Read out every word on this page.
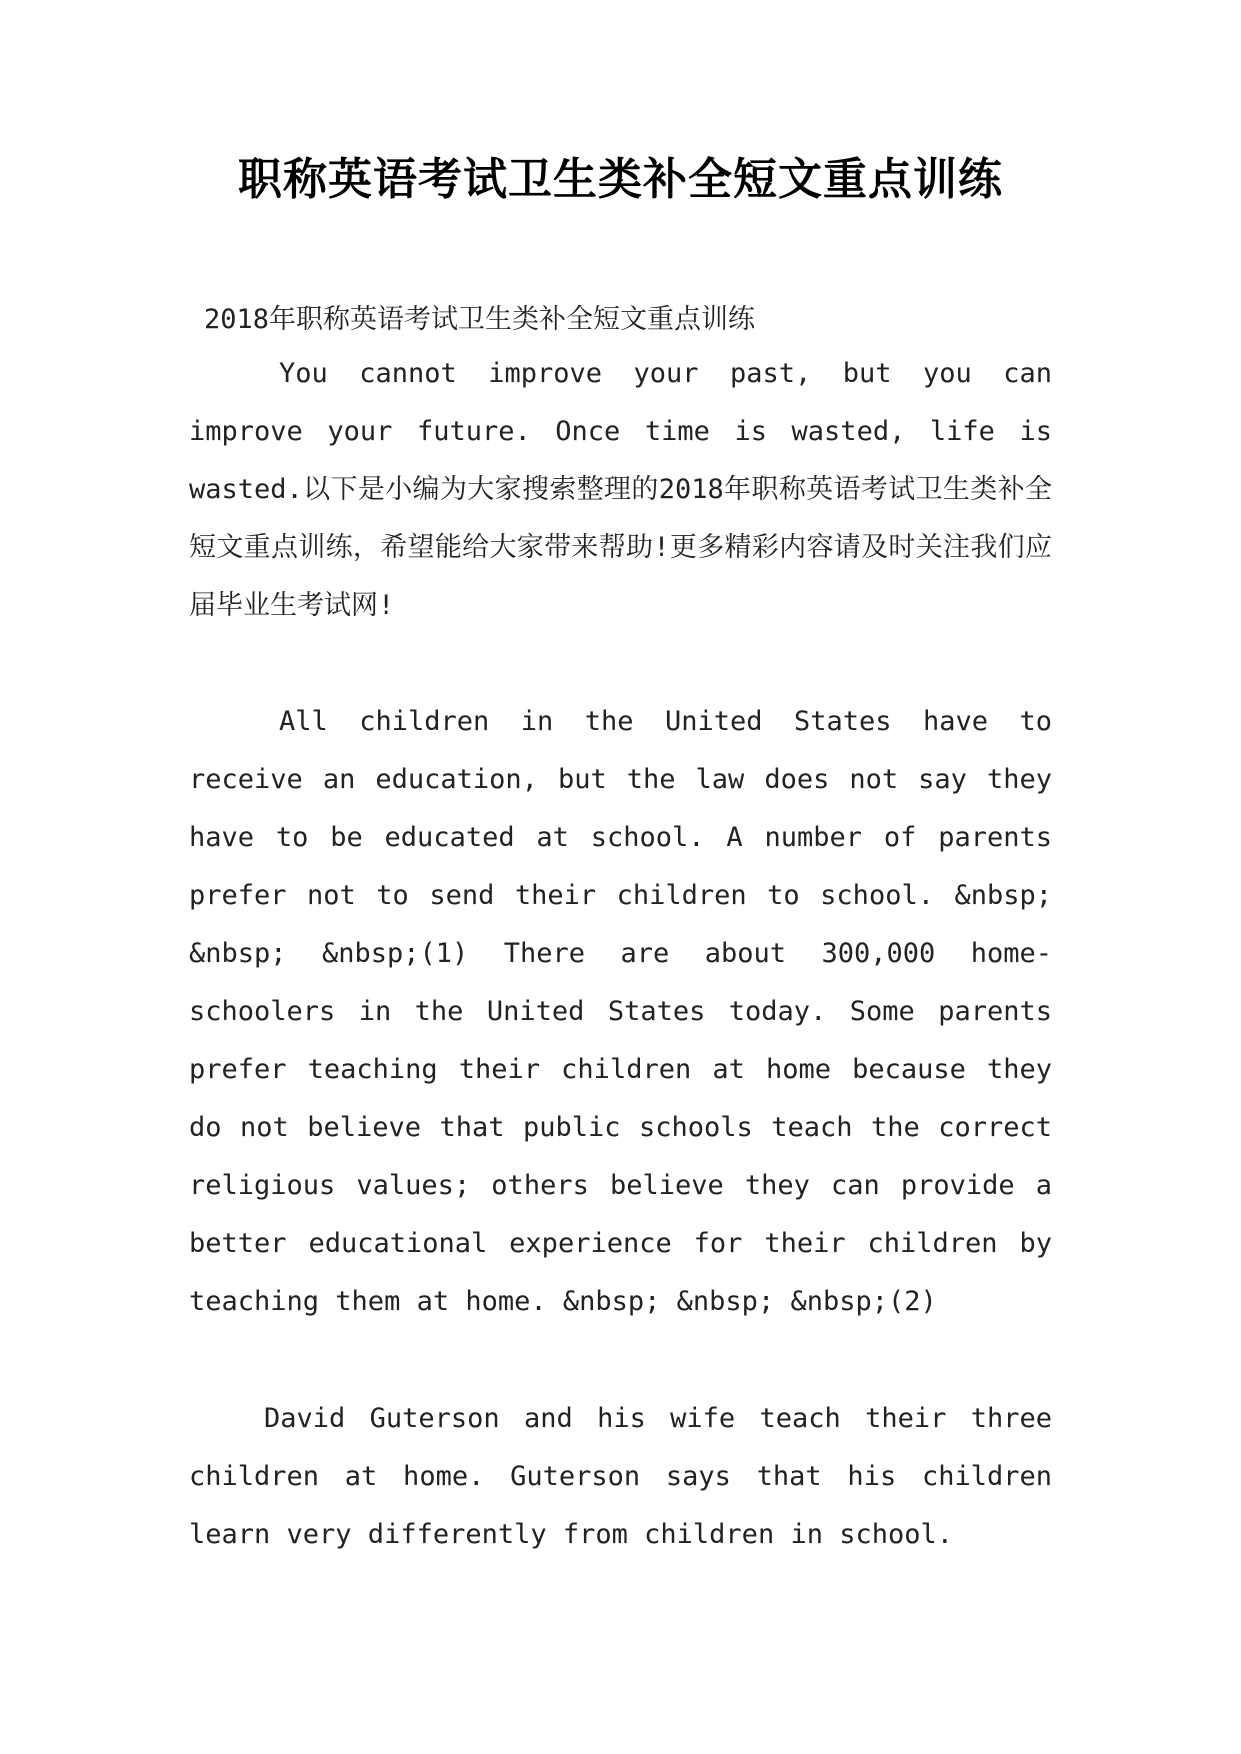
职称英语考试卫生类补全短文重点训练
2018年职称英语考试卫生类补全短文重点训练
You cannot improve your past, but you can improve your future. Once time is wasted, life is wasted.以下是小编为大家搜索整理的2018年职称英语考试卫生类补全短文重点训练，希望能给大家带来帮助!更多精彩内容请及时关注我们应届毕业生考试网!
All children in the United States have to receive an education, but the law does not say they have to be educated at school. A number of parents prefer not to send their children to school. &nbsp; &nbsp; &nbsp;(1) There are about 300,000 home-schoolers in the United States today. Some parents prefer teaching their children at home because they do not believe that public schools teach the correct religious values; others believe they can provide a better educational experience for their children by teaching them at home. &nbsp; &nbsp; &nbsp;(2)
David Guterson and his wife teach their three children at home. Guterson says that his children learn very differently from children in school.
